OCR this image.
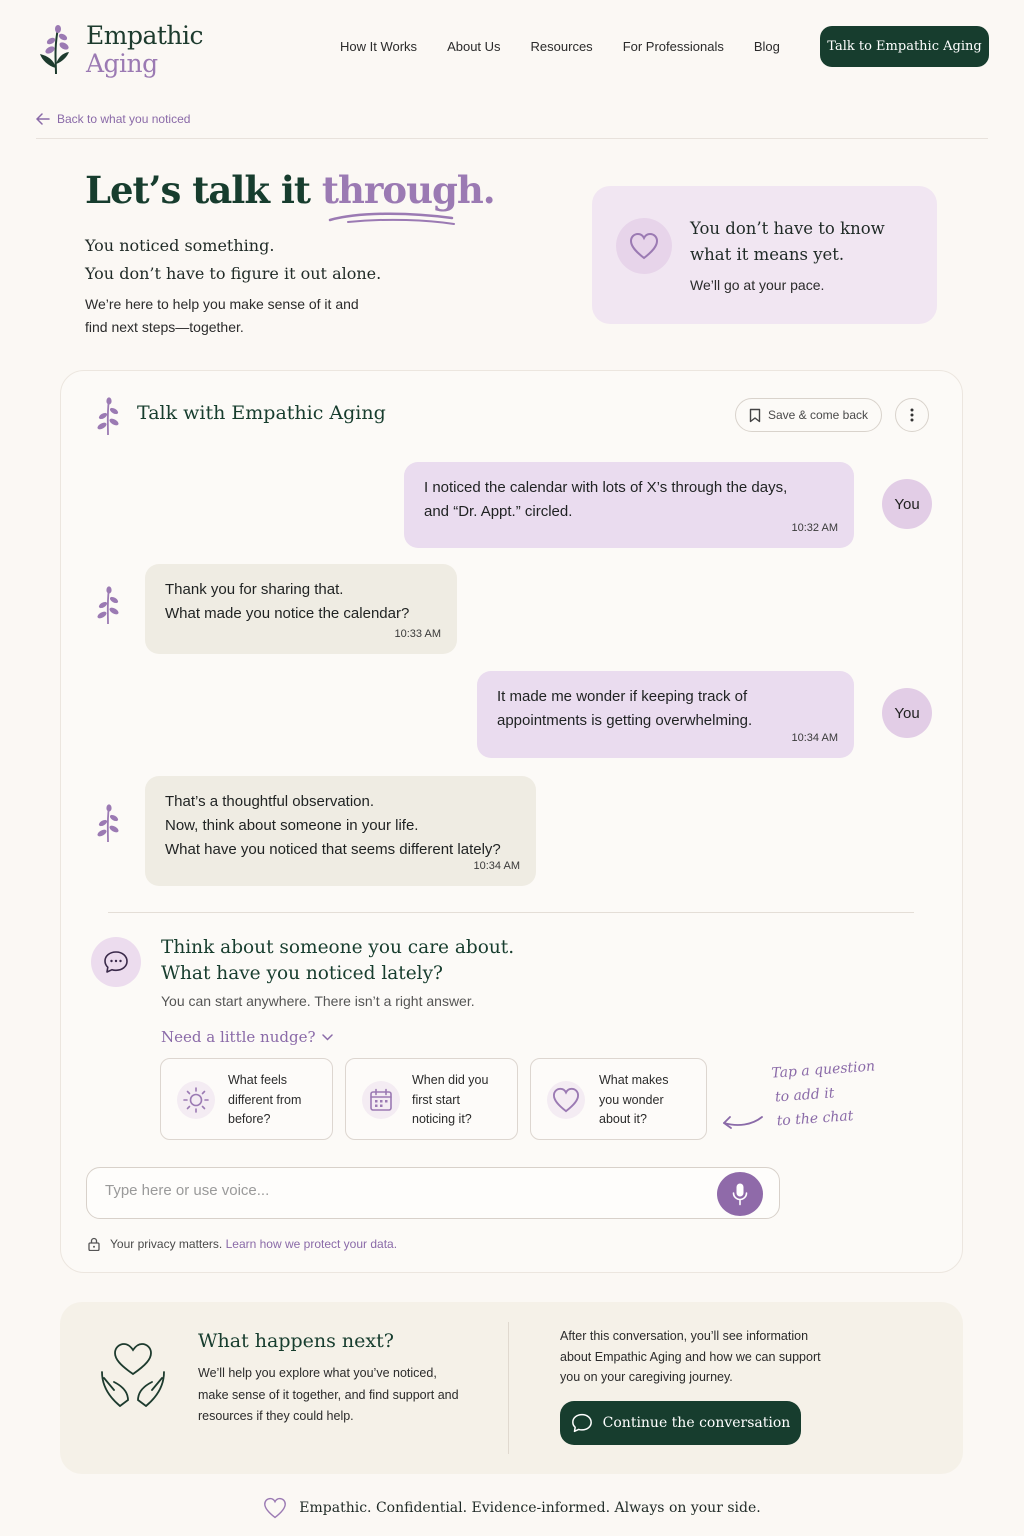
Empathic
Aging
How It Works About Us Resources For Professionals Blog	Talk to Empathic Aging
Back to what you noticed
Let’s talk it through.
You noticed something.
You don’t have to figure it out alone.

We’re here to help you make sense of it and find next steps—together.

You don’t have to know what it means yet.
We’ll go at your pace.
Talk with Empathic Aging	Save & come back
I noticed the calendar with lots of X’s through the days,
and “Dr. Appt.” circled.
10:32 AM
You
Thank you for sharing that.
What made you notice the calendar?
10:33 AM
It made me wonder if keeping track of
appointments is getting overwhelming.
10:34 AM
You
That’s a thoughtful observation.
Now, think about someone in your life.
What have you noticed that seems different lately?
10:34 AM
Think about someone you care about.
What have you noticed lately?
You can start anywhere. There isn’t a right answer.
Need a little nudge?
What feels
different from
before?
When did you
first start
noticing it?
What makes
you wonder
about it?
Tap a question
to add it
to the chat
Type here or use voice...
Your privacy matters. Learn how we protect your data.
What happens next?

We’ll help you explore what you’ve noticed, make sense of it together, and find support and resources if they could help.

After this conversation, you’ll see information about Empathic Aging and how we can support you on your caregiving journey.

Continue the conversation
Empathic. Confidential. Evidence-informed. Always on your side.
